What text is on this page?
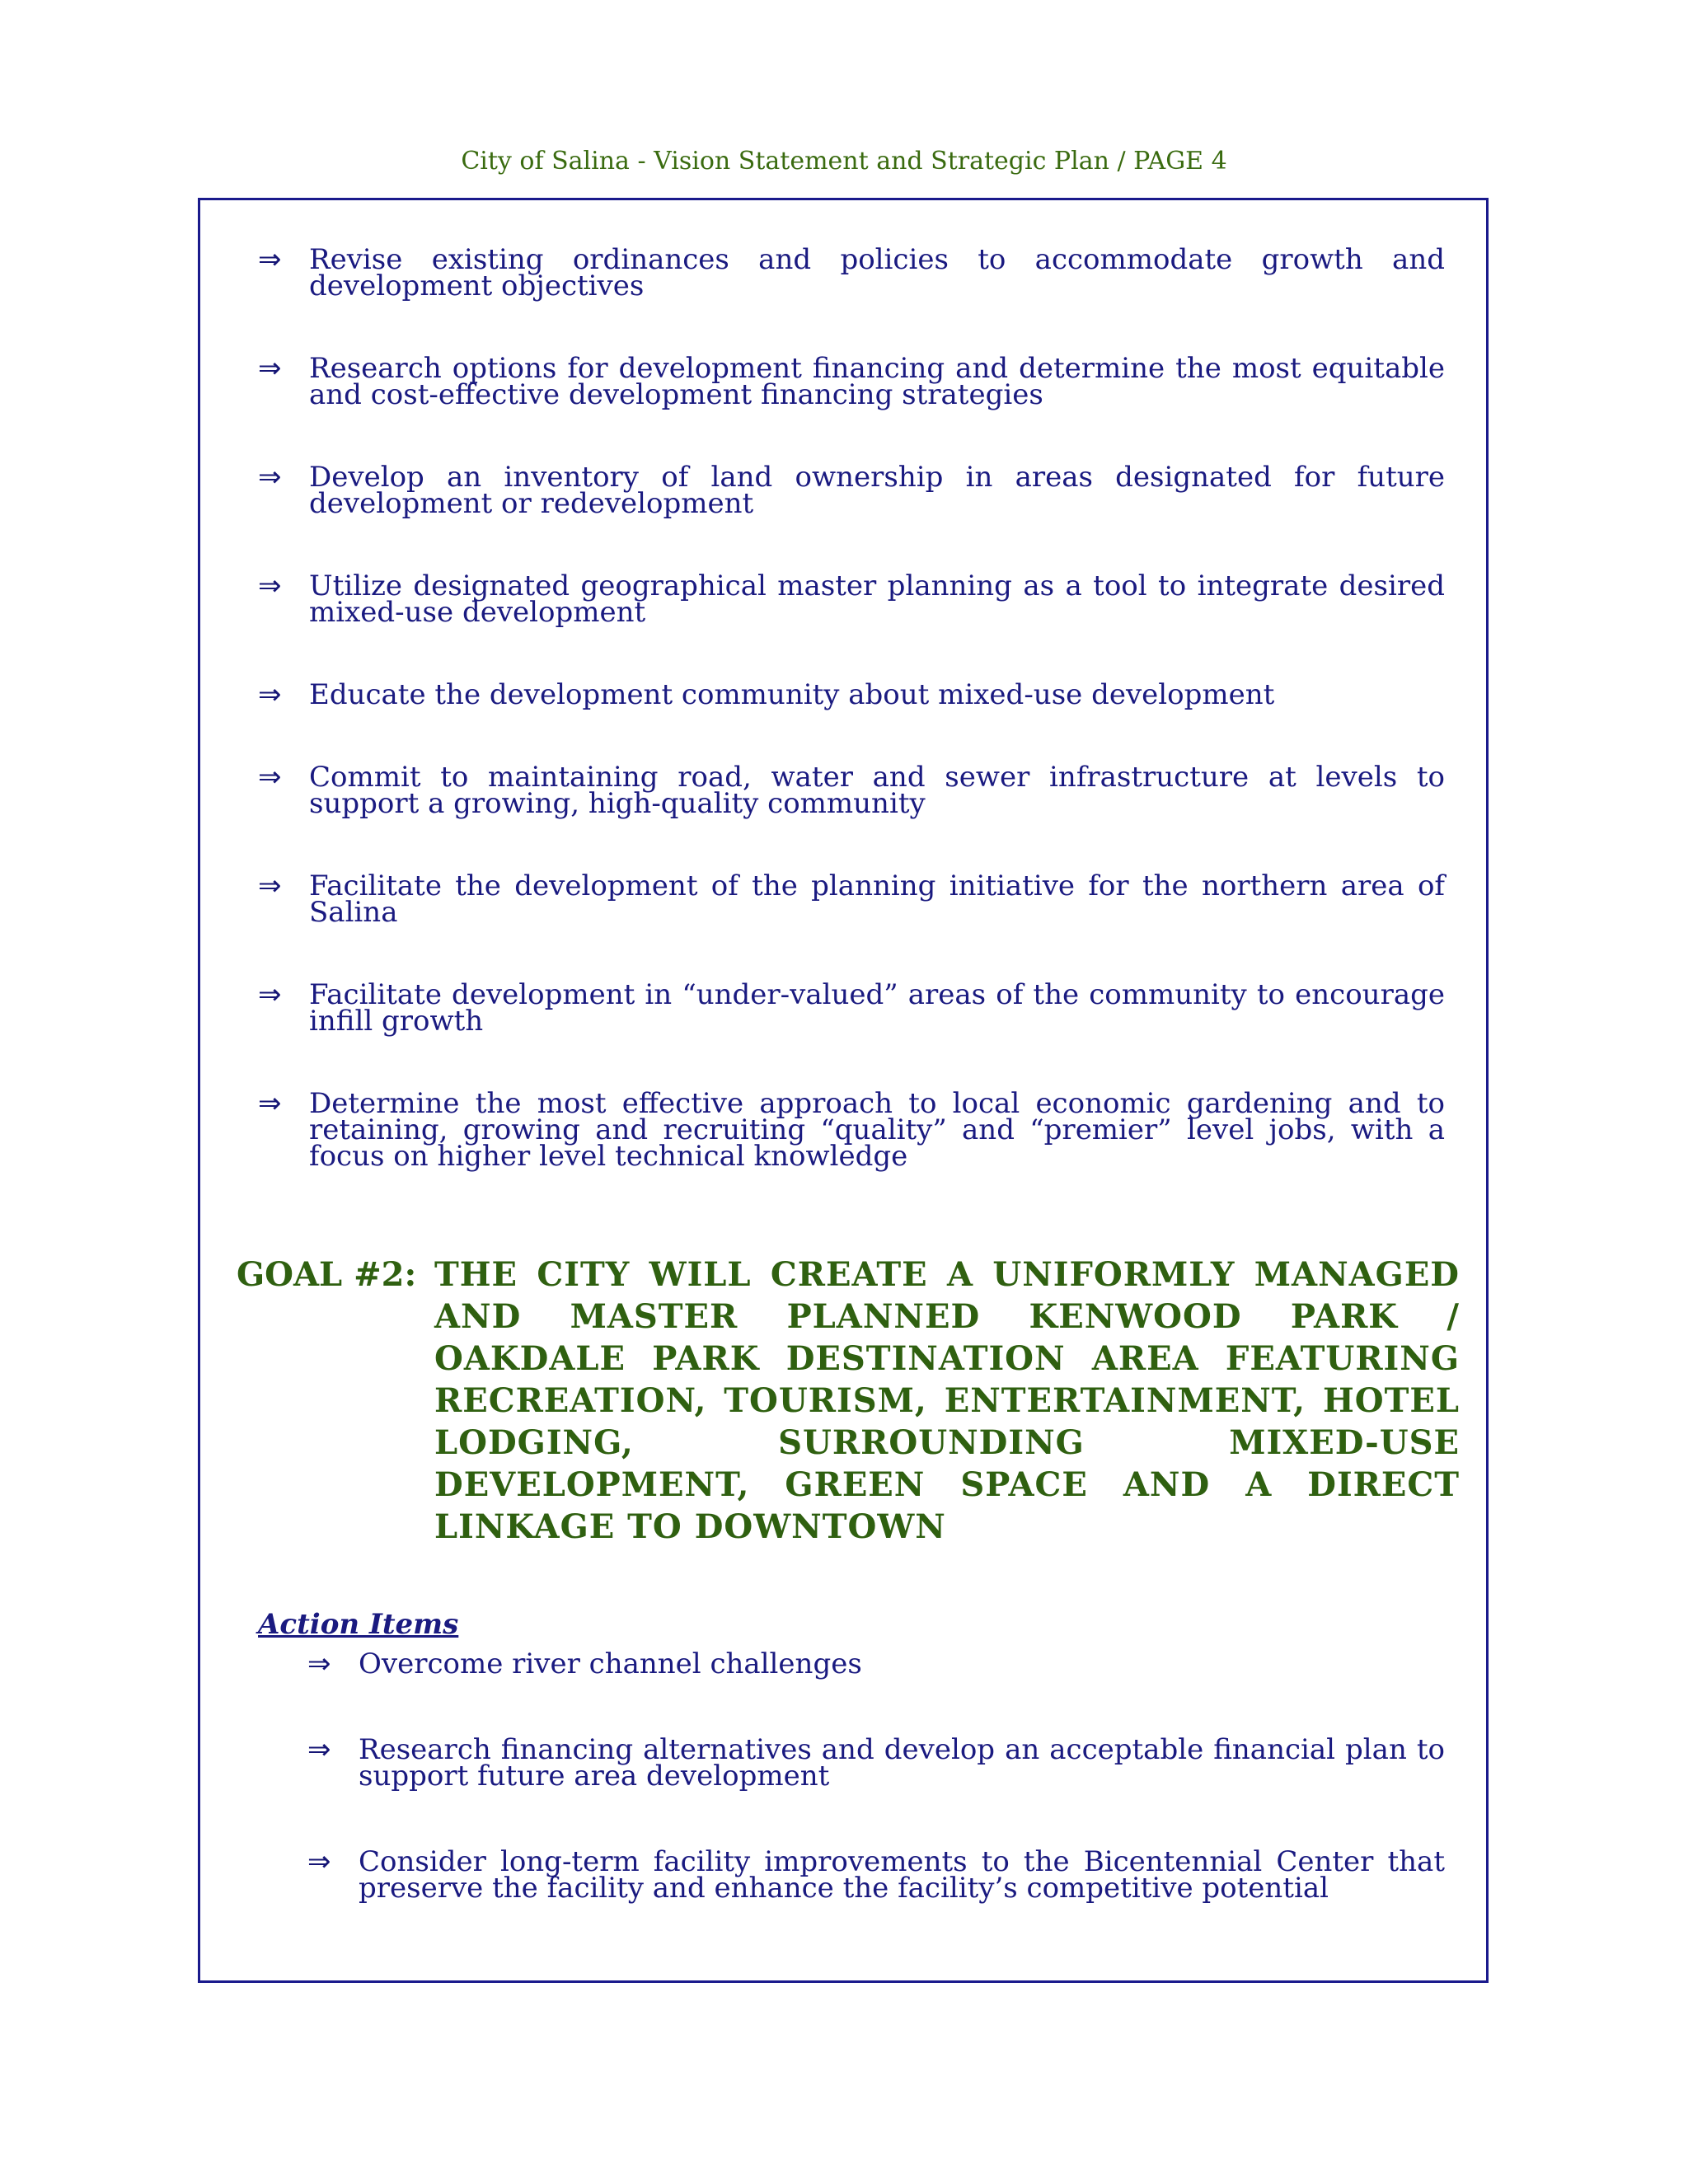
City of Salina - Vision Statement and Strategic Plan / PAGE 4
⇒ Revise existing ordinances and policies to accommodate growth and development objectives
⇒ Research options for development financing and determine the most equitable and cost-effective development financing strategies
⇒ Develop an inventory of land ownership in areas designated for future development or redevelopment
⇒ Utilize designated geographical master planning as a tool to integrate desired mixed-use development
⇒ Educate the development community about mixed-use development
⇒ Commit to maintaining road, water and sewer infrastructure at levels to support a growing, high-quality community
⇒ Facilitate the development of the planning initiative for the northern area of Salina
⇒ Facilitate development in “under-valued” areas of the community to encourage infill growth
⇒ Determine the most effective approach to local economic gardening and to retaining, growing and recruiting “quality” and “premier” level jobs, with a focus on higher level technical knowledge
GOAL #2: THE CITY WILL CREATE A UNIFORMLY MANAGED AND MASTER PLANNED KENWOOD PARK / OAKDALE PARK DESTINATION AREA FEATURING RECREATION, TOURISM, ENTERTAINMENT, HOTEL LODGING, SURROUNDING MIXED-USE DEVELOPMENT, GREEN SPACE AND A DIRECT LINKAGE TO DOWNTOWN
Action Items
⇒ Overcome river channel challenges
⇒ Research financing alternatives and develop an acceptable financial plan to support future area development
⇒ Consider long-term facility improvements to the Bicentennial Center that preserve the facility and enhance the facility’s competitive potential
